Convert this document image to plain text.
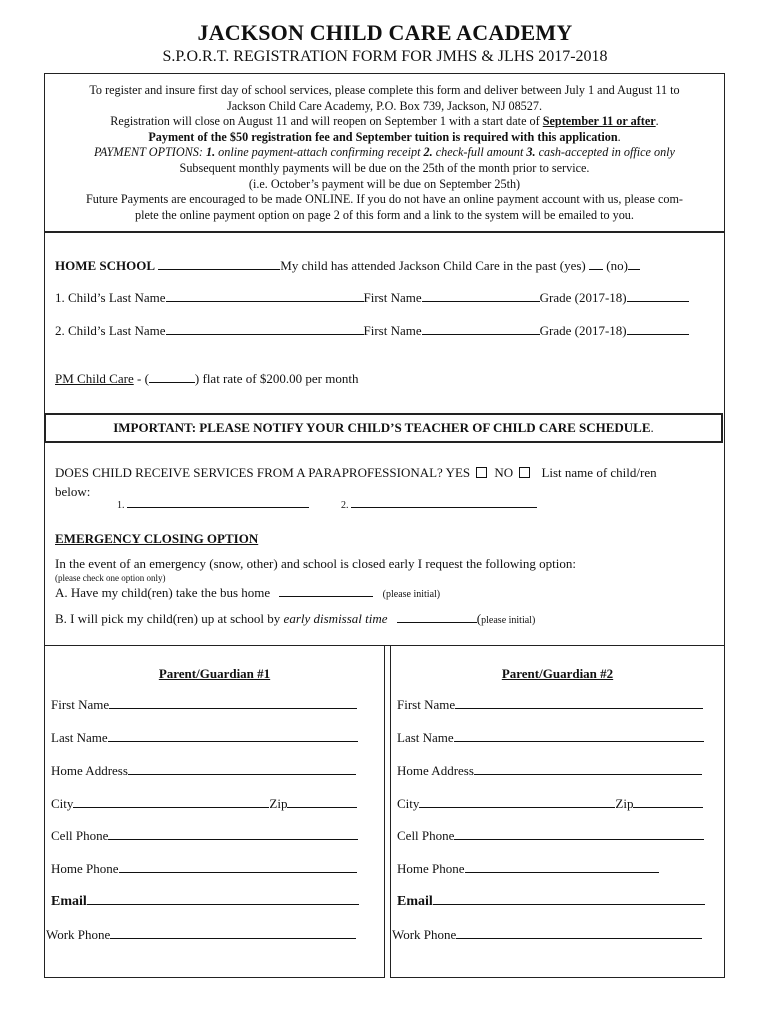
JACKSON CHILD CARE ACADEMY
S.P.O.R.T. REGISTRATION FORM FOR JMHS & JLHS 2017-2018

To register and insure first day of school services, please complete this form and deliver between July 1 and August 11 to

Jackson Child Care Academy, P.O. Box 739, Jackson, NJ 08527.

Registration will close on August 11 and will reopen on September 1 with a start date of September 11 or after.

Payment of the $50 registration fee and September tuition is required with this application.

PAYMENT OPTIONS: 1. online payment-attach confirming receipt 2. check-full amount 3. cash-accepted in office only

Subsequent monthly payments will be due on the 25th of the month prior to service.

(i.e. October’s payment will be due on September 25th)

Future Payments are encouraged to be made ONLINE. If you do not have an online payment account with us, please com-

plete the online payment option on page 2 of this form and a link to the system will be emailed to you.

HOME SCHOOL	My child has attended Jackson Child Care in the past (yes) (no)
1. Child’s Last Name	First Name	Grade (2017-18)
2. Child’s Last Name	First Name	Grade (2017-18)
PM Child Care - (	) flat rate of $200.00 per month
IMPORTANT: PLEASE NOTIFY YOUR CHILD’S TEACHER OF CHILD CARE SCHEDULE.
DOES CHILD RECEIVE SERVICES FROM A PARAPROFESSIONAL? YES NO List name of child/ren
below:
1.	2.
EMERGENCY CLOSING OPTION
In the event of an emergency (snow, other) and school is closed early I request the following option:
(please check one option only)
A. Have my child(ren) take the bus home	(please initial)
B. I will pick my child(ren) up at school by early dismissal time	(please initial)
Parent/Guardian #1
First Name
Last Name
Home Address
City	Zip
Cell Phone
Home Phone
Email
Work Phone
Parent/Guardian #2
First Name
Last Name
Home Address
City	Zip
Cell Phone
Home Phone
Email
Work Phone
